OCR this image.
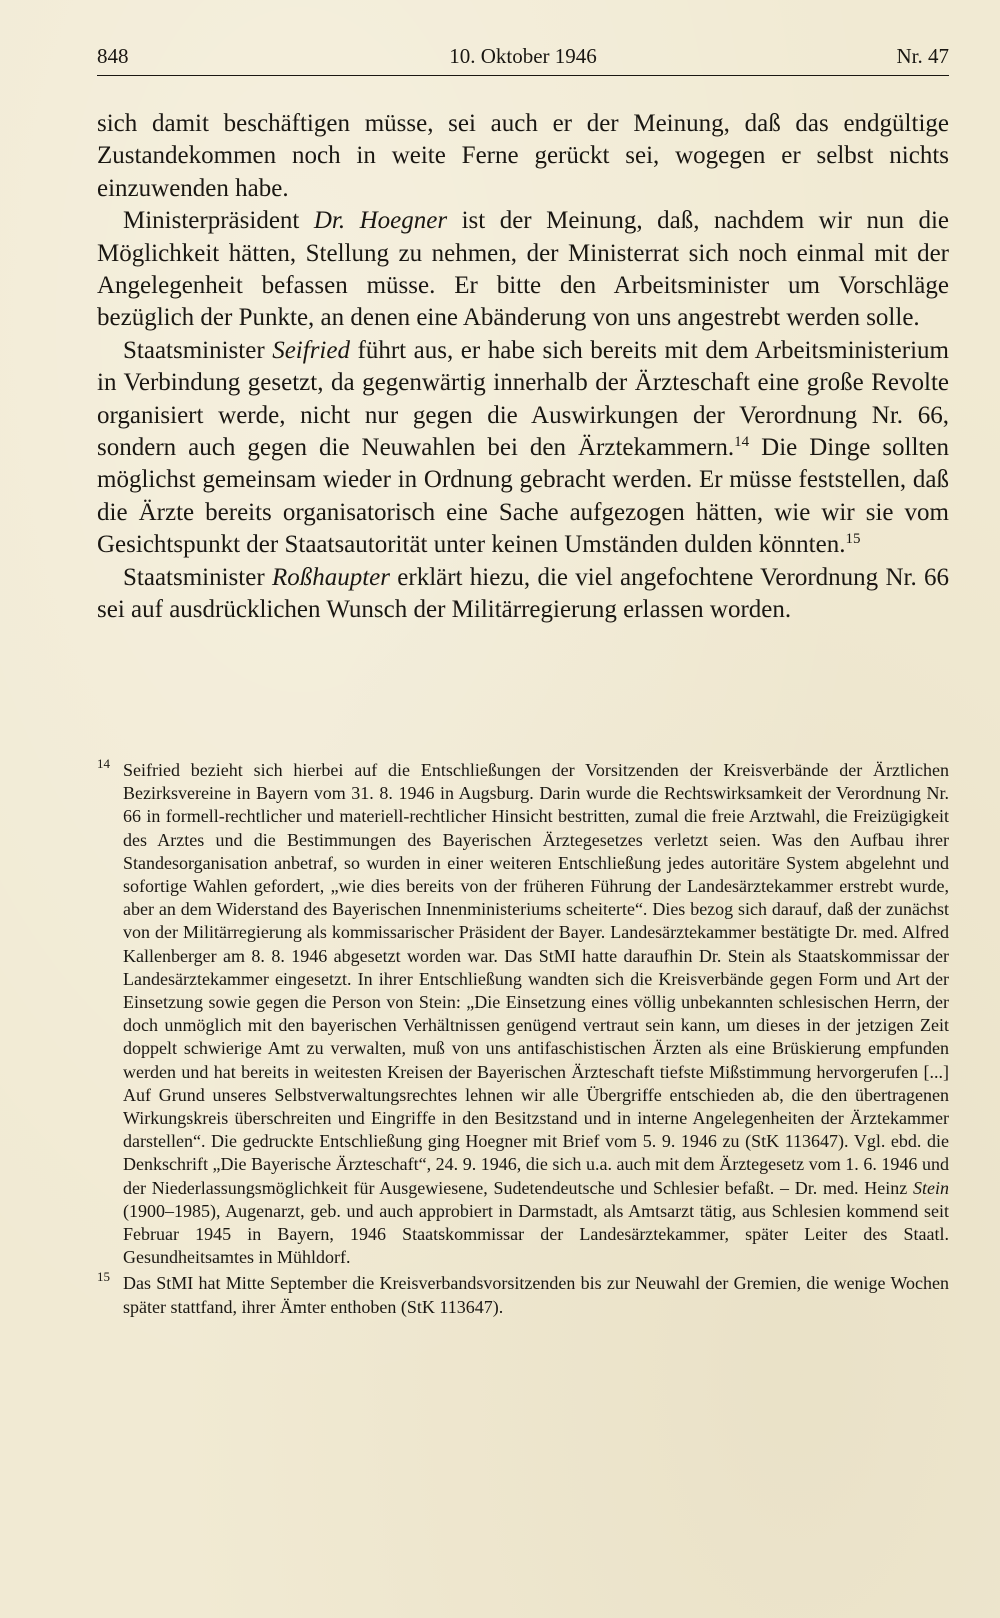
848	10. Oktober 1946	Nr. 47

sich damit beschäftigen müsse, sei auch er der Meinung, daß das endgültige Zustandekommen noch in weite Ferne gerückt sei, wogegen er selbst nichts einzuwenden habe.

Ministerpräsident Dr. Hoegner ist der Meinung, daß, nachdem wir nun die Möglichkeit hätten, Stellung zu nehmen, der Ministerrat sich noch einmal mit der Angelegenheit befassen müsse. Er bitte den Arbeitsminister um Vorschläge bezüglich der Punkte, an denen eine Abänderung von uns angestrebt werden solle.

Staatsminister Seifried führt aus, er habe sich bereits mit dem Arbeitsministerium in Verbindung gesetzt, da gegenwärtig innerhalb der Ärzteschaft eine große Revolte organisiert werde, nicht nur gegen die Auswirkungen der Verordnung Nr. 66, sondern auch gegen die Neuwahlen bei den Ärztekammern.$^{14}$ Die Dinge sollten möglichst gemeinsam wieder in Ordnung gebracht werden. Er müsse feststellen, daß die Ärzte bereits organisatorisch eine Sache aufgezogen hätten, wie wir sie vom Gesichtspunkt der Staatsautorität unter keinen Umständen dulden könnten.$^{15}$

Staatsminister Roßhaupter erklärt hiezu, die viel angefochtene Verordnung Nr. 66 sei auf ausdrücklichen Wunsch der Militärregierung erlassen worden.

14 Seifried bezieht sich hierbei auf die Entschließungen der Vorsitzenden der Kreisverbände der Ärztlichen Bezirksvereine in Bayern vom 31. 8. 1946 in Augsburg. Darin wurde die Rechtswirksamkeit der Verordnung Nr. 66 in formell-rechtlicher und materiell-rechtlicher Hinsicht bestritten, zumal die freie Arztwahl, die Freizügigkeit des Arztes und die Bestimmungen des Bayerischen Ärztegesetzes verletzt seien. Was den Aufbau ihrer Standesorganisation anbetraf, so wurden in einer weiteren Entschließung jedes autoritäre System abgelehnt und sofortige Wahlen gefordert, „wie dies bereits von der früheren Führung der Landesärztekammer erstrebt wurde, aber an dem Widerstand des Bayerischen Innenministeriums scheiterte“. Dies bezog sich darauf, daß der zunächst von der Militärregierung als kommissarischer Präsident der Bayer. Landesärztekammer bestätigte Dr. med. Alfred Kallenberger am 8. 8. 1946 abgesetzt worden war. Das StMI hatte daraufhin Dr. Stein als Staatskommissar der Landesärztekammer eingesetzt. In ihrer Entschließung wandten sich die Kreisverbände gegen Form und Art der Einsetzung sowie gegen die Person von Stein: „Die Einsetzung eines völlig unbekannten schlesischen Herrn, der doch unmöglich mit den bayerischen Verhältnissen genügend vertraut sein kann, um dieses in der jetzigen Zeit doppelt schwierige Amt zu verwalten, muß von uns antifaschistischen Ärzten als eine Brüskierung empfunden werden und hat bereits in weitesten Kreisen der Bayerischen Ärzteschaft tiefste Mißstimmung hervorgerufen [...] Auf Grund unseres Selbstverwaltungsrechtes lehnen wir alle Übergriffe entschieden ab, die den übertragenen Wirkungskreis überschreiten und Eingriffe in den Besitzstand und in interne Angelegenheiten der Ärztekammer darstellen“. Die gedruckte Entschließung ging Hoegner mit Brief vom 5. 9. 1946 zu (StK 113647). Vgl. ebd. die Denkschrift „Die Bayerische Ärzteschaft“, 24. 9. 1946, die sich u.a. auch mit dem Ärztegesetz vom 1. 6. 1946 und der Niederlassungsmöglichkeit für Ausgewiesene, Sudetendeutsche und Schlesier befaßt. – Dr. med. Heinz Stein (1900–1985), Augenarzt, geb. und auch approbiert in Darmstadt, als Amtsarzt tätig, aus Schlesien kommend seit Februar 1945 in Bayern, 1946 Staatskommissar der Landesärztekammer, später Leiter des Staatl. Gesundheitsamtes in Mühldorf.

15 Das StMI hat Mitte September die Kreisverbandsvorsitzenden bis zur Neuwahl der Gremien, die wenige Wochen später stattfand, ihrer Ämter enthoben (StK 113647).
